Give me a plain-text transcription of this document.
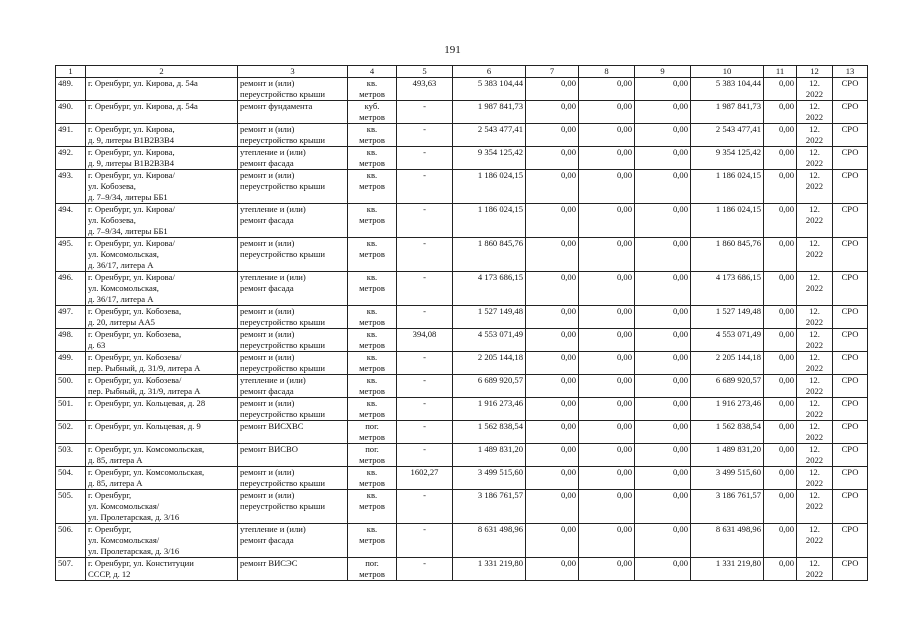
191
1	2	3	4	5	6	7	8	9	10	11	12	13
489.	г. Оренбург, ул. Кирова, д. 54а	ремонт и (или)
переустройство крыши	кв.
метров	493,63	5 383 104,44	0,00	0,00	0,00	5 383 104,44	0,00	12.
2022	СРО
490.	г. Оренбург, ул. Кирова, д. 54а	ремонт фундамента	куб.
метров	-	1 987 841,73	0,00	0,00	0,00	1 987 841,73	0,00	12.
2022	СРО
491.	г. Оренбург, ул. Кирова,
д. 9, литеры В1В2В3В4	ремонт и (или)
переустройство крыши	кв.
метров	-	2 543 477,41	0,00	0,00	0,00	2 543 477,41	0,00	12.
2022	СРО
492.	г. Оренбург, ул. Кирова,
д. 9, литеры В1В2В3В4	утепление и (или)
ремонт фасада	кв.
метров	-	9 354 125,42	0,00	0,00	0,00	9 354 125,42	0,00	12.
2022	СРО
493.	г. Оренбург, ул. Кирова/
ул. Кобозева,
д. 7–9/34, литеры ББ1	ремонт и (или)
переустройство крыши	кв.
метров	-	1 186 024,15	0,00	0,00	0,00	1 186 024,15	0,00	12.
2022	СРО
494.	г. Оренбург, ул. Кирова/
ул. Кобозева,
д. 7–9/34, литеры ББ1	утепление и (или)
ремонт фасада	кв.
метров	-	1 186 024,15	0,00	0,00	0,00	1 186 024,15	0,00	12.
2022	СРО
495.	г. Оренбург, ул. Кирова/
ул. Комсомольская,
д. 36/17, литера А	ремонт и (или)
переустройство крыши	кв.
метров	-	1 860 845,76	0,00	0,00	0,00	1 860 845,76	0,00	12.
2022	СРО
496.	г. Оренбург, ул. Кирова/
ул. Комсомольская,
д. 36/17, литера А	утепление и (или)
ремонт фасада	кв.
метров	-	4 173 686,15	0,00	0,00	0,00	4 173 686,15	0,00	12.
2022	СРО
497.	г. Оренбург, ул. Кобозева,
д. 20, литеры АА5	ремонт и (или)
переустройство крыши	кв.
метров	-	1 527 149,48	0,00	0,00	0,00	1 527 149,48	0,00	12.
2022	СРО
498.	г. Оренбург, ул. Кобозева,
д. 63	ремонт и (или)
переустройство крыши	кв.
метров	394,08	4 553 071,49	0,00	0,00	0,00	4 553 071,49	0,00	12.
2022	СРО
499.	г. Оренбург, ул. Кобозева/
пер. Рыбный, д. 31/9, литера А	ремонт и (или)
переустройство крыши	кв.
метров	-	2 205 144,18	0,00	0,00	0,00	2 205 144,18	0,00	12.
2022	СРО
500.	г. Оренбург, ул. Кобозева/
пер. Рыбный, д. 31/9, литера А	утепление и (или)
ремонт фасада	кв.
метров	-	6 689 920,57	0,00	0,00	0,00	6 689 920,57	0,00	12.
2022	СРО
501.	г. Оренбург, ул. Кольцевая, д. 28	ремонт и (или)
переустройство крыши	кв.
метров	-	1 916 273,46	0,00	0,00	0,00	1 916 273,46	0,00	12.
2022	СРО
502.	г. Оренбург, ул. Кольцевая, д. 9	ремонт ВИСХВС	пог.
метров	-	1 562 838,54	0,00	0,00	0,00	1 562 838,54	0,00	12.
2022	СРО
503.	г. Оренбург, ул. Комсомольская,
д. 85, литера А	ремонт ВИСВО	пог.
метров	-	1 489 831,20	0,00	0,00	0,00	1 489 831,20	0,00	12.
2022	СРО
504.	г. Оренбург, ул. Комсомольская,
д. 85, литера А	ремонт и (или)
переустройство крыши	кв.
метров	1602,27	3 499 515,60	0,00	0,00	0,00	3 499 515,60	0,00	12.
2022	СРО
505.	г. Оренбург,
ул. Комсомольская/
ул. Пролетарская, д. 3/16	ремонт и (или)
переустройство крыши	кв.
метров	-	3 186 761,57	0,00	0,00	0,00	3 186 761,57	0,00	12.
2022	СРО
506.	г. Оренбург,
ул. Комсомольская/
ул. Пролетарская, д. 3/16	утепление и (или)
ремонт фасада	кв.
метров	-	8 631 498,96	0,00	0,00	0,00	8 631 498,96	0,00	12.
2022	СРО
507.	г. Оренбург, ул. Конституции
СССР, д. 12	ремонт ВИСЭС	пог.
метров	-	1 331 219,80	0,00	0,00	0,00	1 331 219,80	0,00	12.
2022	СРО
